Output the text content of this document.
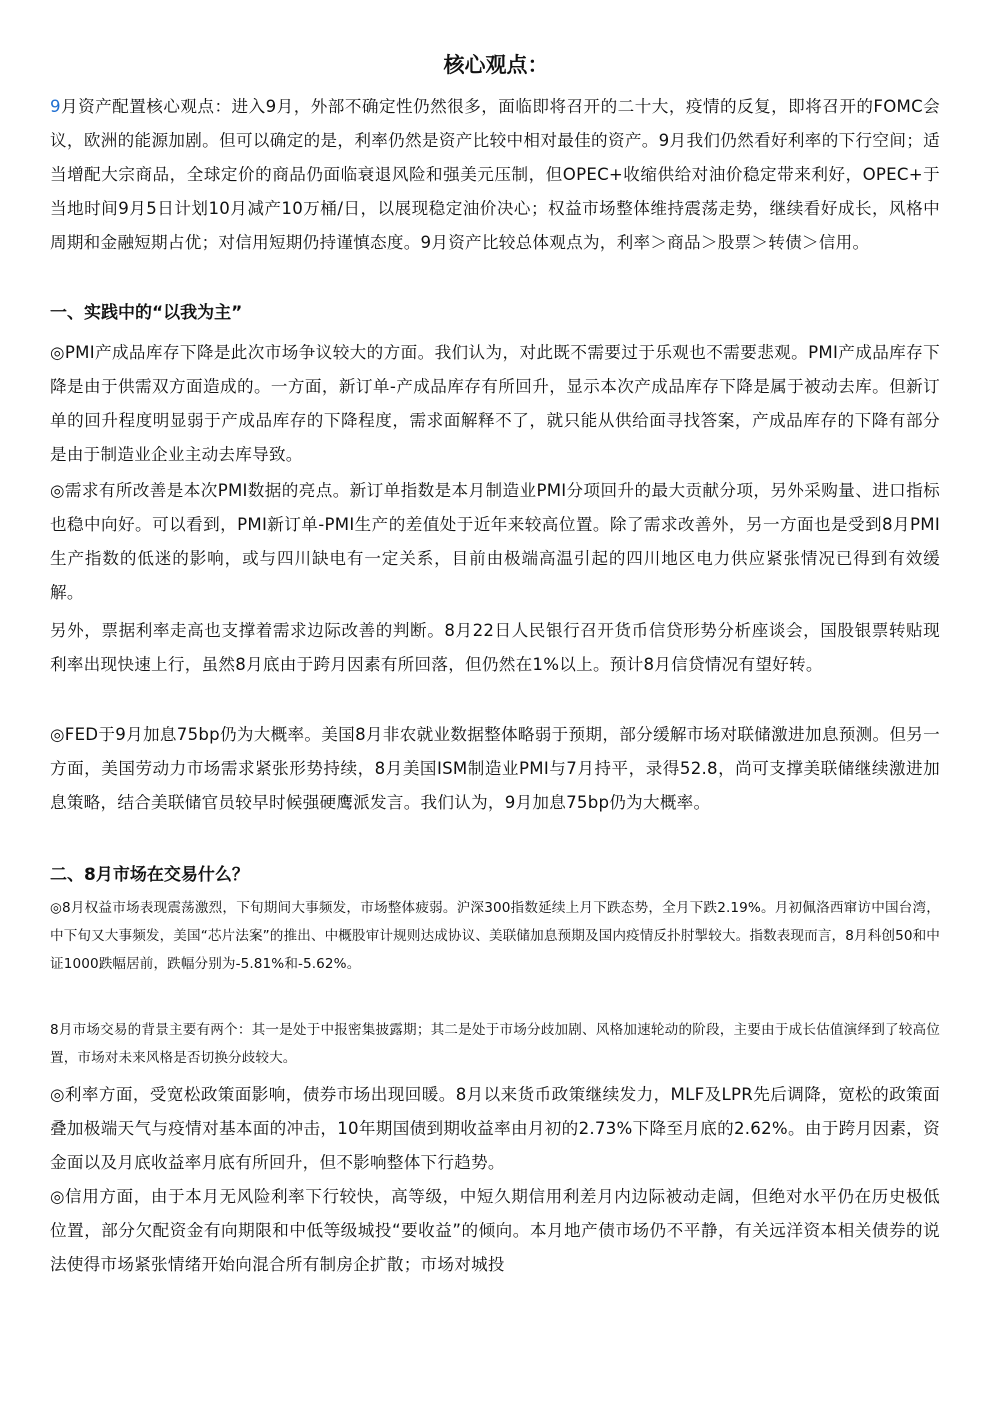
核心观点：

9月资产配置核心观点：进入9月，外部不确定性仍然很多，面临即将召开的二十大，疫情的反复，即将召开的FOMC会议，欧洲的能源加剧。但可以确定的是，利率仍然是资产比较中相对最佳的资产。9月我们仍然看好利率的下行空间；适当增配大宗商品，全球定价的商品仍面临衰退风险和强美元压制，但OPEC+收缩供给对油价稳定带来利好，OPEC+于当地时间9月5日计划10月减产10万桶/日，以展现稳定油价决心；权益市场整体维持震荡走势，继续看好成长，风格中周期和金融短期占优；对信用短期仍持谨慎态度。9月资产比较总体观点为，利率＞商品＞股票＞转债＞信用。

一、实践中的“以我为主”

◎PMI产成品库存下降是此次市场争议较大的方面。我们认为，对此既不需要过于乐观也不需要悲观。PMI产成品库存下降是由于供需双方面造成的。一方面，新订单-产成品库存有所回升，显示本次产成品库存下降是属于被动去库。但新订单的回升程度明显弱于产成品库存的下降程度，需求面解释不了，就只能从供给面寻找答案，产成品库存的下降有部分是由于制造业企业主动去库导致。

◎需求有所改善是本次PMI数据的亮点。新订单指数是本月制造业PMI分项回升的最大贡献分项，另外采购量、进口指标也稳中向好。可以看到，PMI新订单-PMI生产的差值处于近年来较高位置。除了需求改善外，另一方面也是受到8月PMI生产指数的低迷的影响，或与四川缺电有一定关系，目前由极端高温引起的四川地区电力供应紧张情况已得到有效缓解。

另外，票据利率走高也支撑着需求边际改善的判断。8月22日人民银行召开货币信贷形势分析座谈会，国股银票转贴现利率出现快速上行，虽然8月底由于跨月因素有所回落，但仍然在1%以上。预计8月信贷情况有望好转。

◎FED于9月加息75bp仍为大概率。美国8月非农就业数据整体略弱于预期，部分缓解市场对联储激进加息预测。但另一方面，美国劳动力市场需求紧张形势持续，8月美国ISM制造业PMI与7月持平，录得52.8，尚可支撑美联储继续激进加息策略，结合美联储官员较早时候强硬鹰派发言。我们认为，9月加息75bp仍为大概率。

二、8月市场在交易什么？

◎8月权益市场表现震荡激烈，下旬期间大事频发，市场整体疲弱。沪深300指数延续上月下跌态势，全月下跌2.19%。月初佩洛西窜访中国台湾，中下旬又大事频发，美国“芯片法案”的推出、中概股审计规则达成协议、美联储加息预期及国内疫情反扑肘掣较大。指数表现而言，8月科创50和中证1000跌幅居前，跌幅分别为-5.81%和-5.62%。

8月市场交易的背景主要有两个：其一是处于中报密集披露期；其二是处于市场分歧加剧、风格加速轮动的阶段，主要由于成长估值演绎到了较高位置，市场对未来风格是否切换分歧较大。

◎利率方面，受宽松政策面影响，债券市场出现回暖。8月以来货币政策继续发力，MLF及LPR先后调降，宽松的政策面叠加极端天气与疫情对基本面的冲击，10年期国债到期收益率由月初的2.73%下降至月底的2.62%。由于跨月因素，资金面以及月底收益率月底有所回升，但不影响整体下行趋势。

◎信用方面，由于本月无风险利率下行较快，高等级，中短久期信用利差月内边际被动走阔，但绝对水平仍在历史极低位置，部分欠配资金有向期限和中低等级城投“要收益”的倾向。本月地产债市场仍不平静，有关远洋资本相关债券的说法使得市场紧张情绪开始向混合所有制房企扩散；市场对城投
